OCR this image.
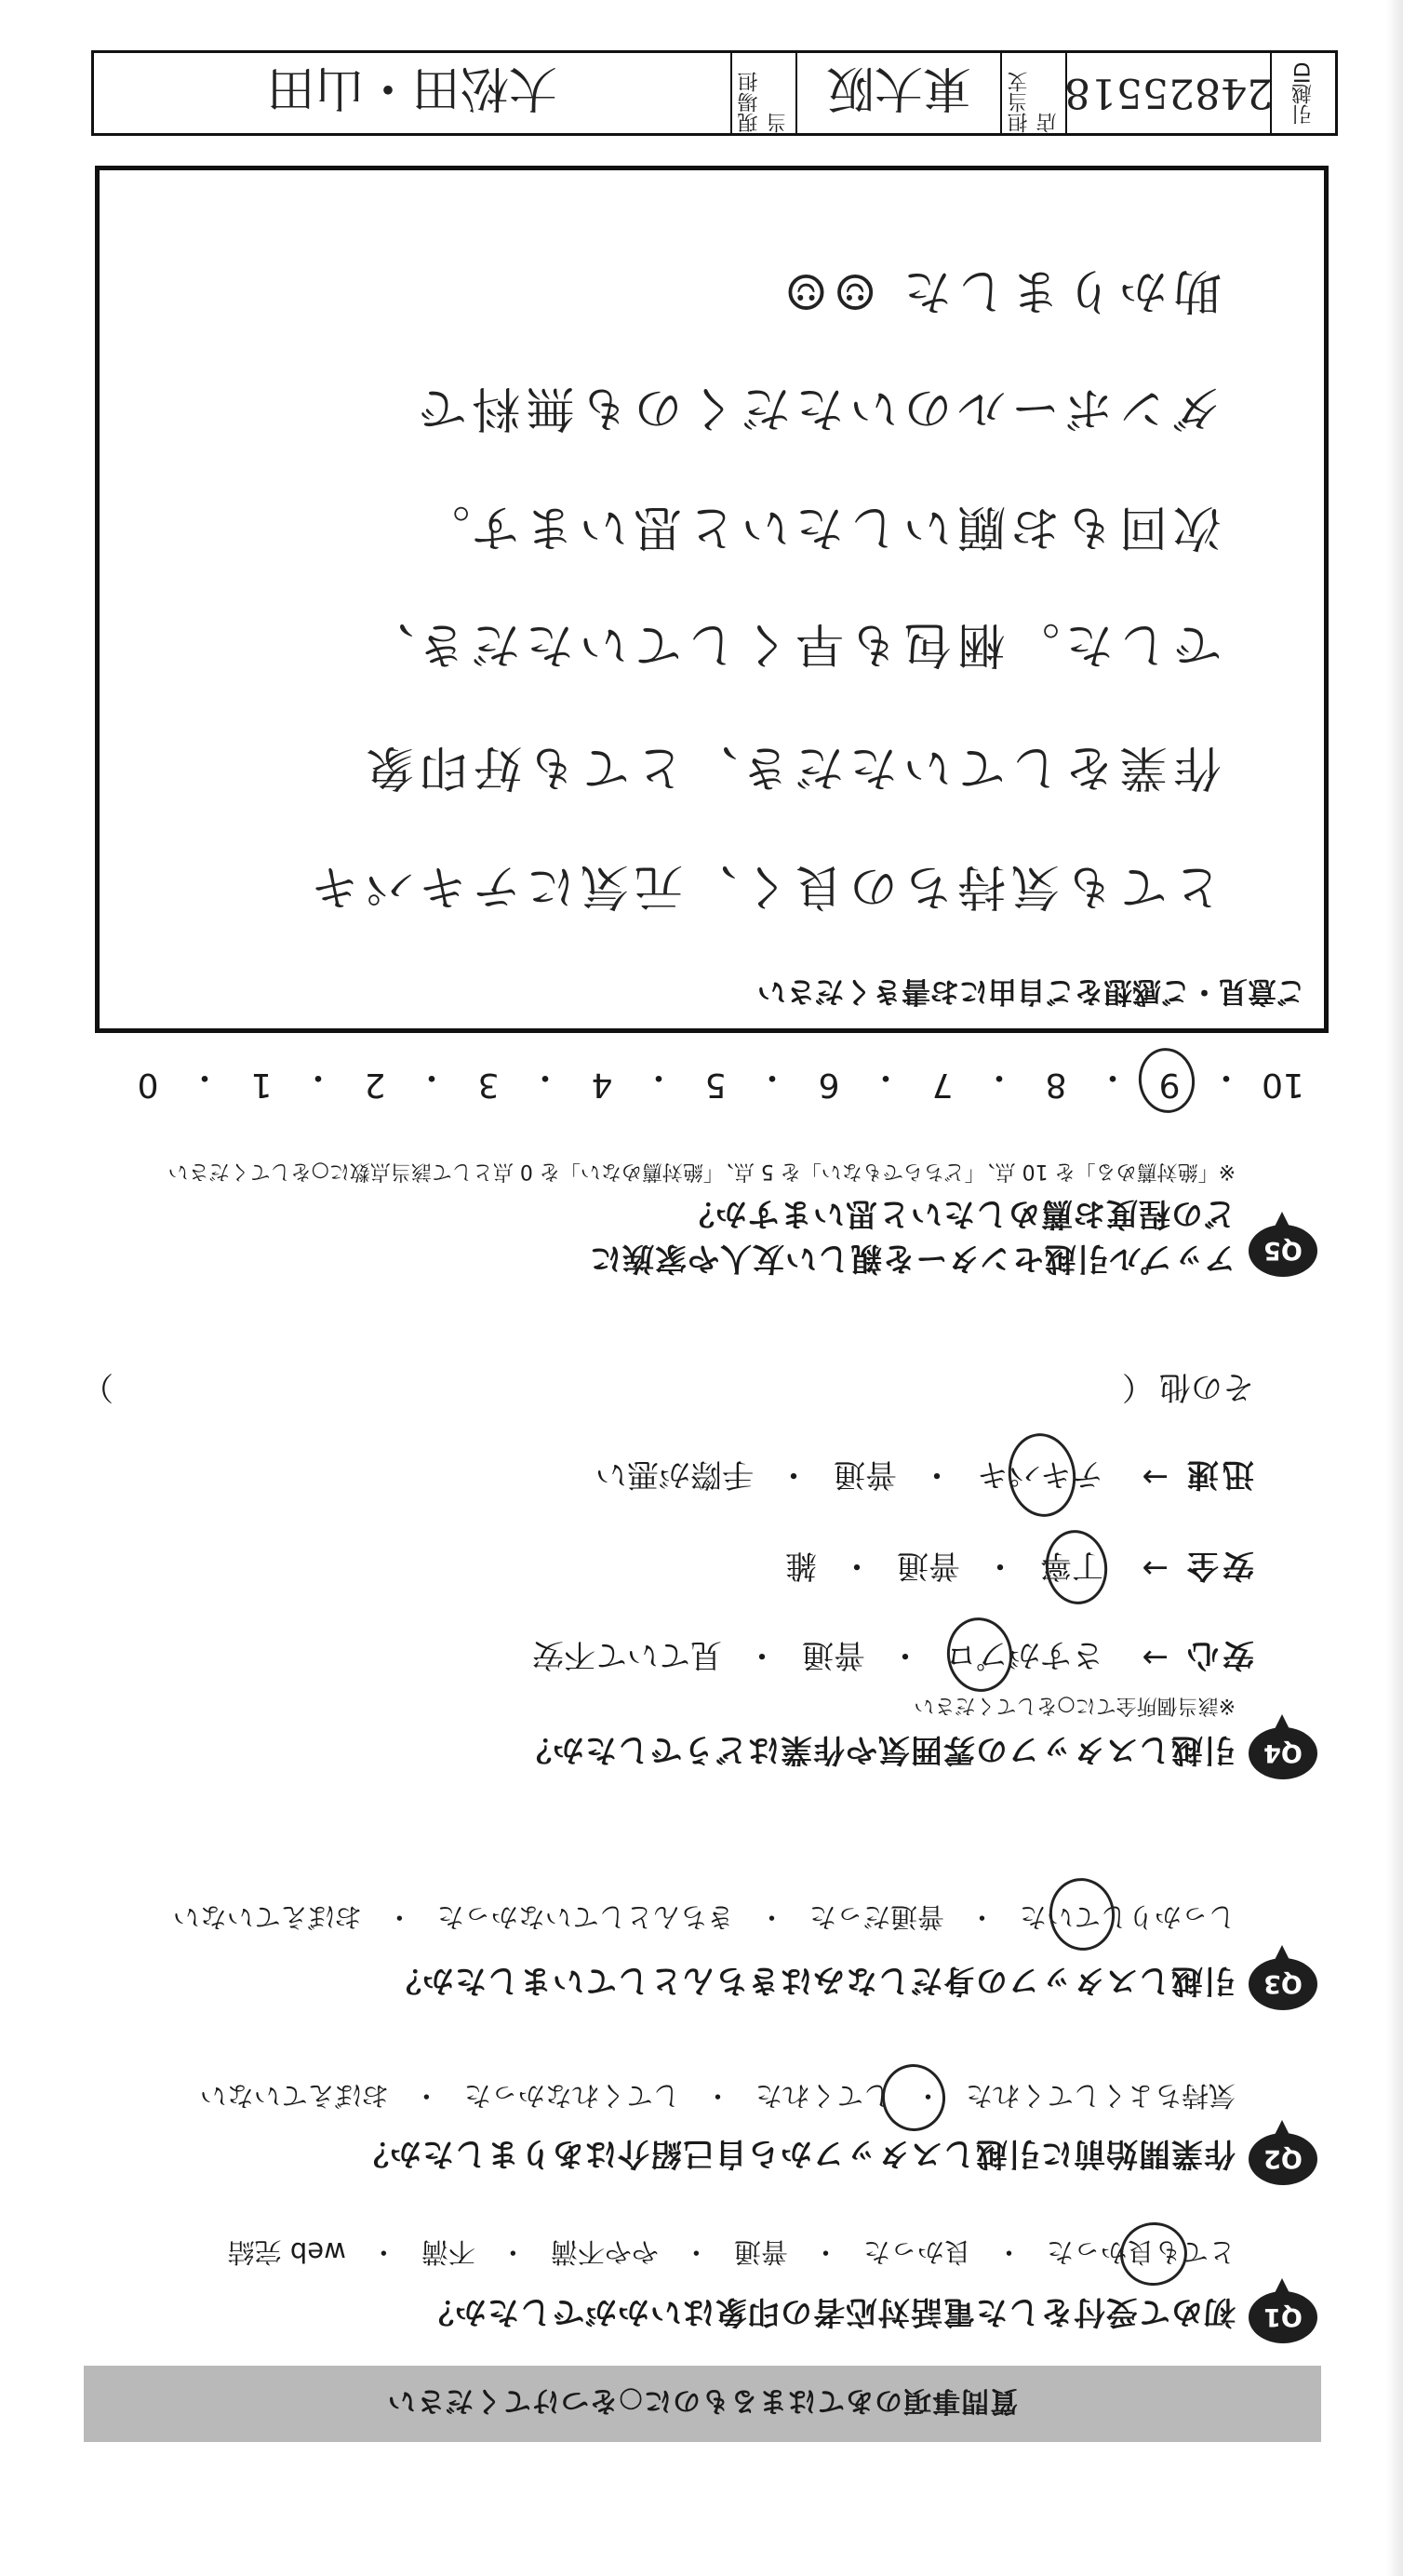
質問事項のあてはまるものに○をつけてください
Q1
初めて受付をした電話対応者の印象はいかがでしたか？
とても良かった
・
良かった
・
普通
・
やや不満
・
不満
・
web 完結
Q2
作業開始前に引越しスタッフから自己紹介はありましたか？
気持ちよくしてくれた
・
してくれた
・
してくれなかった
・
おぼえていない
Q3
引越しスタッフの身だしなみはきちんとしていましたか？
しっかりしていた
・
普通だった
・
きちんとしていなかった
・
おぼえていない
Q4
引越しスタッフの雰囲気や作業はどうでしたか？
※該当個所全てに○をしてください
安心
→
さすがプロ
・
普通
・
見ていて不安
安全
→
丁寧
・
普通
・
雑
迅速
→
テキパキ
・
普通
・
手際が悪い
その他
（
）
Q5
アップル引越センターを親しい友人や家族に
どの程度お薦めしたいと思いますか？
※「絶対薦める」を 10 点、「どちらでもない」を 5 点、「絶対薦めない」を 0 点として該当点数に○をしてください
10
・
9
・
8
・
7
・
6
・
5
・
4
・
3
・
2
・
1
・
0
ご意見・ご感想をご自由にお書きください
とても気持ちの良く、元気にテキパキ
作業をしていただき、とても好印象
でした。梱包も早くしていただき、
次回もお願いしたいと思います。
ダンボールのいただくのも無料で
助かりました ☺☺
引越ID
24825518
担当支店
東大阪
現場担当
大松田・山田
